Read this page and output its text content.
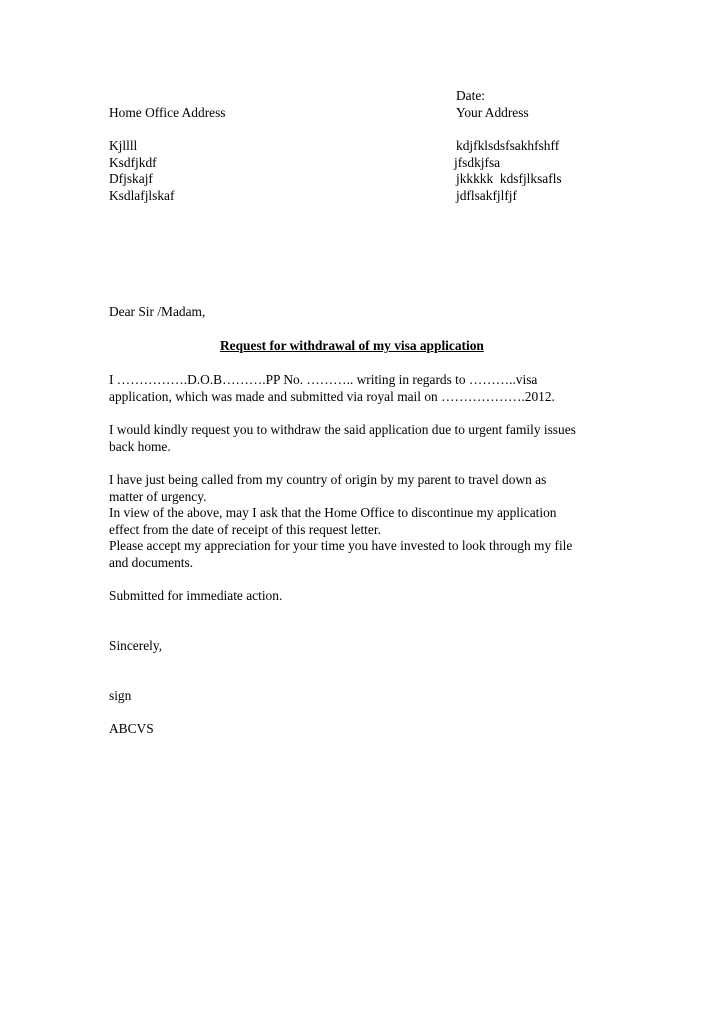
Date:
Home Office Address	Your Address
Kjllll
Ksdfjkdf
Dfjskajf
Ksdlafjlskaf
kdjfklsdsfsakhfshff
jfsdkjfsa
jkkkkk  kdsfjlksafls
jdflsakfjlfjf
Dear Sir /Madam,
Request for withdrawal of my visa application
I …………….D.O.B……….PP No. ……….. writing in regards to ………..visa
application, which was made and submitted via royal mail on ……………….2012.
I would kindly request you to withdraw the said application due to urgent family issues
back home.
I have just being called from my country of origin by my parent to travel down as
matter of urgency.
In view of the above, may I ask that the Home Office to discontinue my application
effect from the date of receipt of this request letter.
Please accept my appreciation for your time you have invested to look through my file
and documents.
Submitted for immediate action.
Sincerely,
sign
ABCVS
